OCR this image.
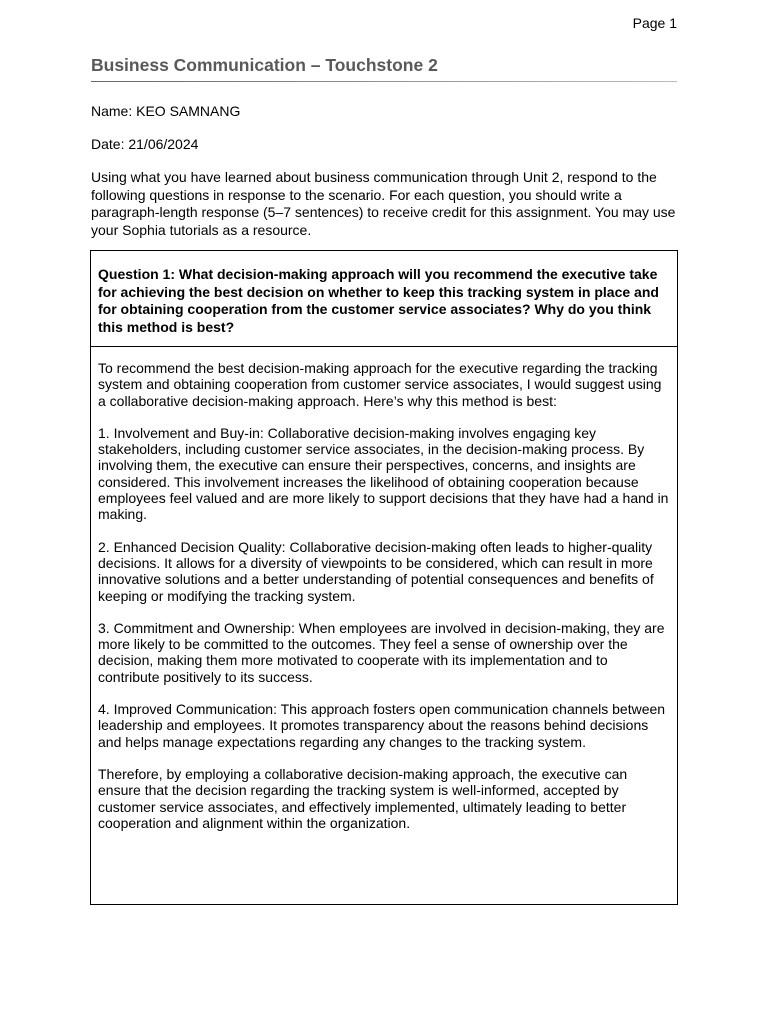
Page 1
Business Communication – Touchstone 2

Name: KEO SAMNANG

Date: 21/06/2024

Using what you have learned about business communication through Unit 2, respond to the following questions in response to the scenario. For each question, you should write a paragraph-length response (5–7 sentences) to receive credit for this assignment. You may use your Sophia tutorials as a resource.

Question 1: What decision-making approach will you recommend the executive take for achieving the best decision on whether to keep this tracking system in place and for obtaining cooperation from the customer service associates? Why do you think this method is best?

To recommend the best decision-making approach for the executive regarding the tracking system and obtaining cooperation from customer service associates, I would suggest using a collaborative decision-making approach. Here’s why this method is best:

1. Involvement and Buy-in: Collaborative decision-making involves engaging key stakeholders, including customer service associates, in the decision-making process. By involving them, the executive can ensure their perspectives, concerns, and insights are considered. This involvement increases the likelihood of obtaining cooperation because employees feel valued and are more likely to support decisions that they have had a hand in making.

2. Enhanced Decision Quality: Collaborative decision-making often leads to higher-quality decisions. It allows for a diversity of viewpoints to be considered, which can result in more innovative solutions and a better understanding of potential consequences and benefits of keeping or modifying the tracking system.

3. Commitment and Ownership: When employees are involved in decision-making, they are more likely to be committed to the outcomes. They feel a sense of ownership over the decision, making them more motivated to cooperate with its implementation and to contribute positively to its success.

4. Improved Communication: This approach fosters open communication channels between leadership and employees. It promotes transparency about the reasons behind decisions and helps manage expectations regarding any changes to the tracking system.

Therefore, by employing a collaborative decision-making approach, the executive can ensure that the decision regarding the tracking system is well-informed, accepted by customer service associates, and effectively implemented, ultimately leading to better cooperation and alignment within the organization.
